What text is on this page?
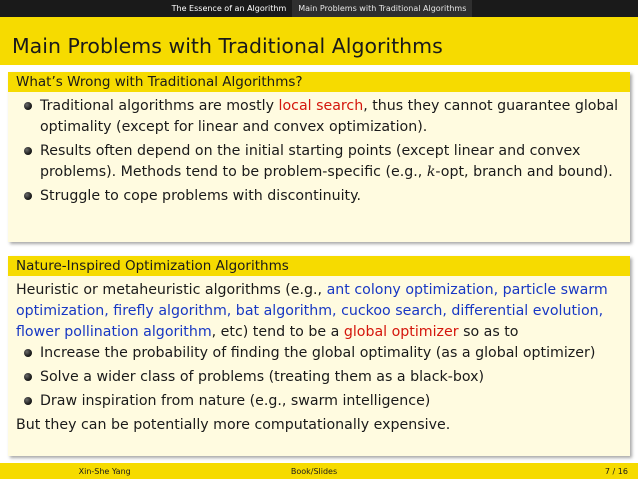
The Essence of an Algorithm	Main Problems with Traditional Algorithms
Main Problems with Traditional Algorithms
What’s Wrong with Traditional Algorithms?
Traditional algorithms are mostly local search, thus they cannot guarantee global optimality (except for linear and convex optimization).
Results often depend on the initial starting points (except linear and convex problems). Methods tend to be problem-specific (e.g., k-opt, branch and bound).
Struggle to cope problems with discontinuity.
Nature-Inspired Optimization Algorithms
Heuristic or metaheuristic algorithms (e.g., ant colony optimization, particle swarm optimization, firefly algorithm, bat algorithm, cuckoo search, differential evolution, flower pollination algorithm, etc) tend to be a global optimizer so as to
Increase the probability of finding the global optimality (as a global optimizer)
Solve a wider class of problems (treating them as a black-box)
Draw inspiration from nature (e.g., swarm intelligence)
But they can be potentially more computationally expensive.
Xin-She Yang	Book/Slides	7 / 16
